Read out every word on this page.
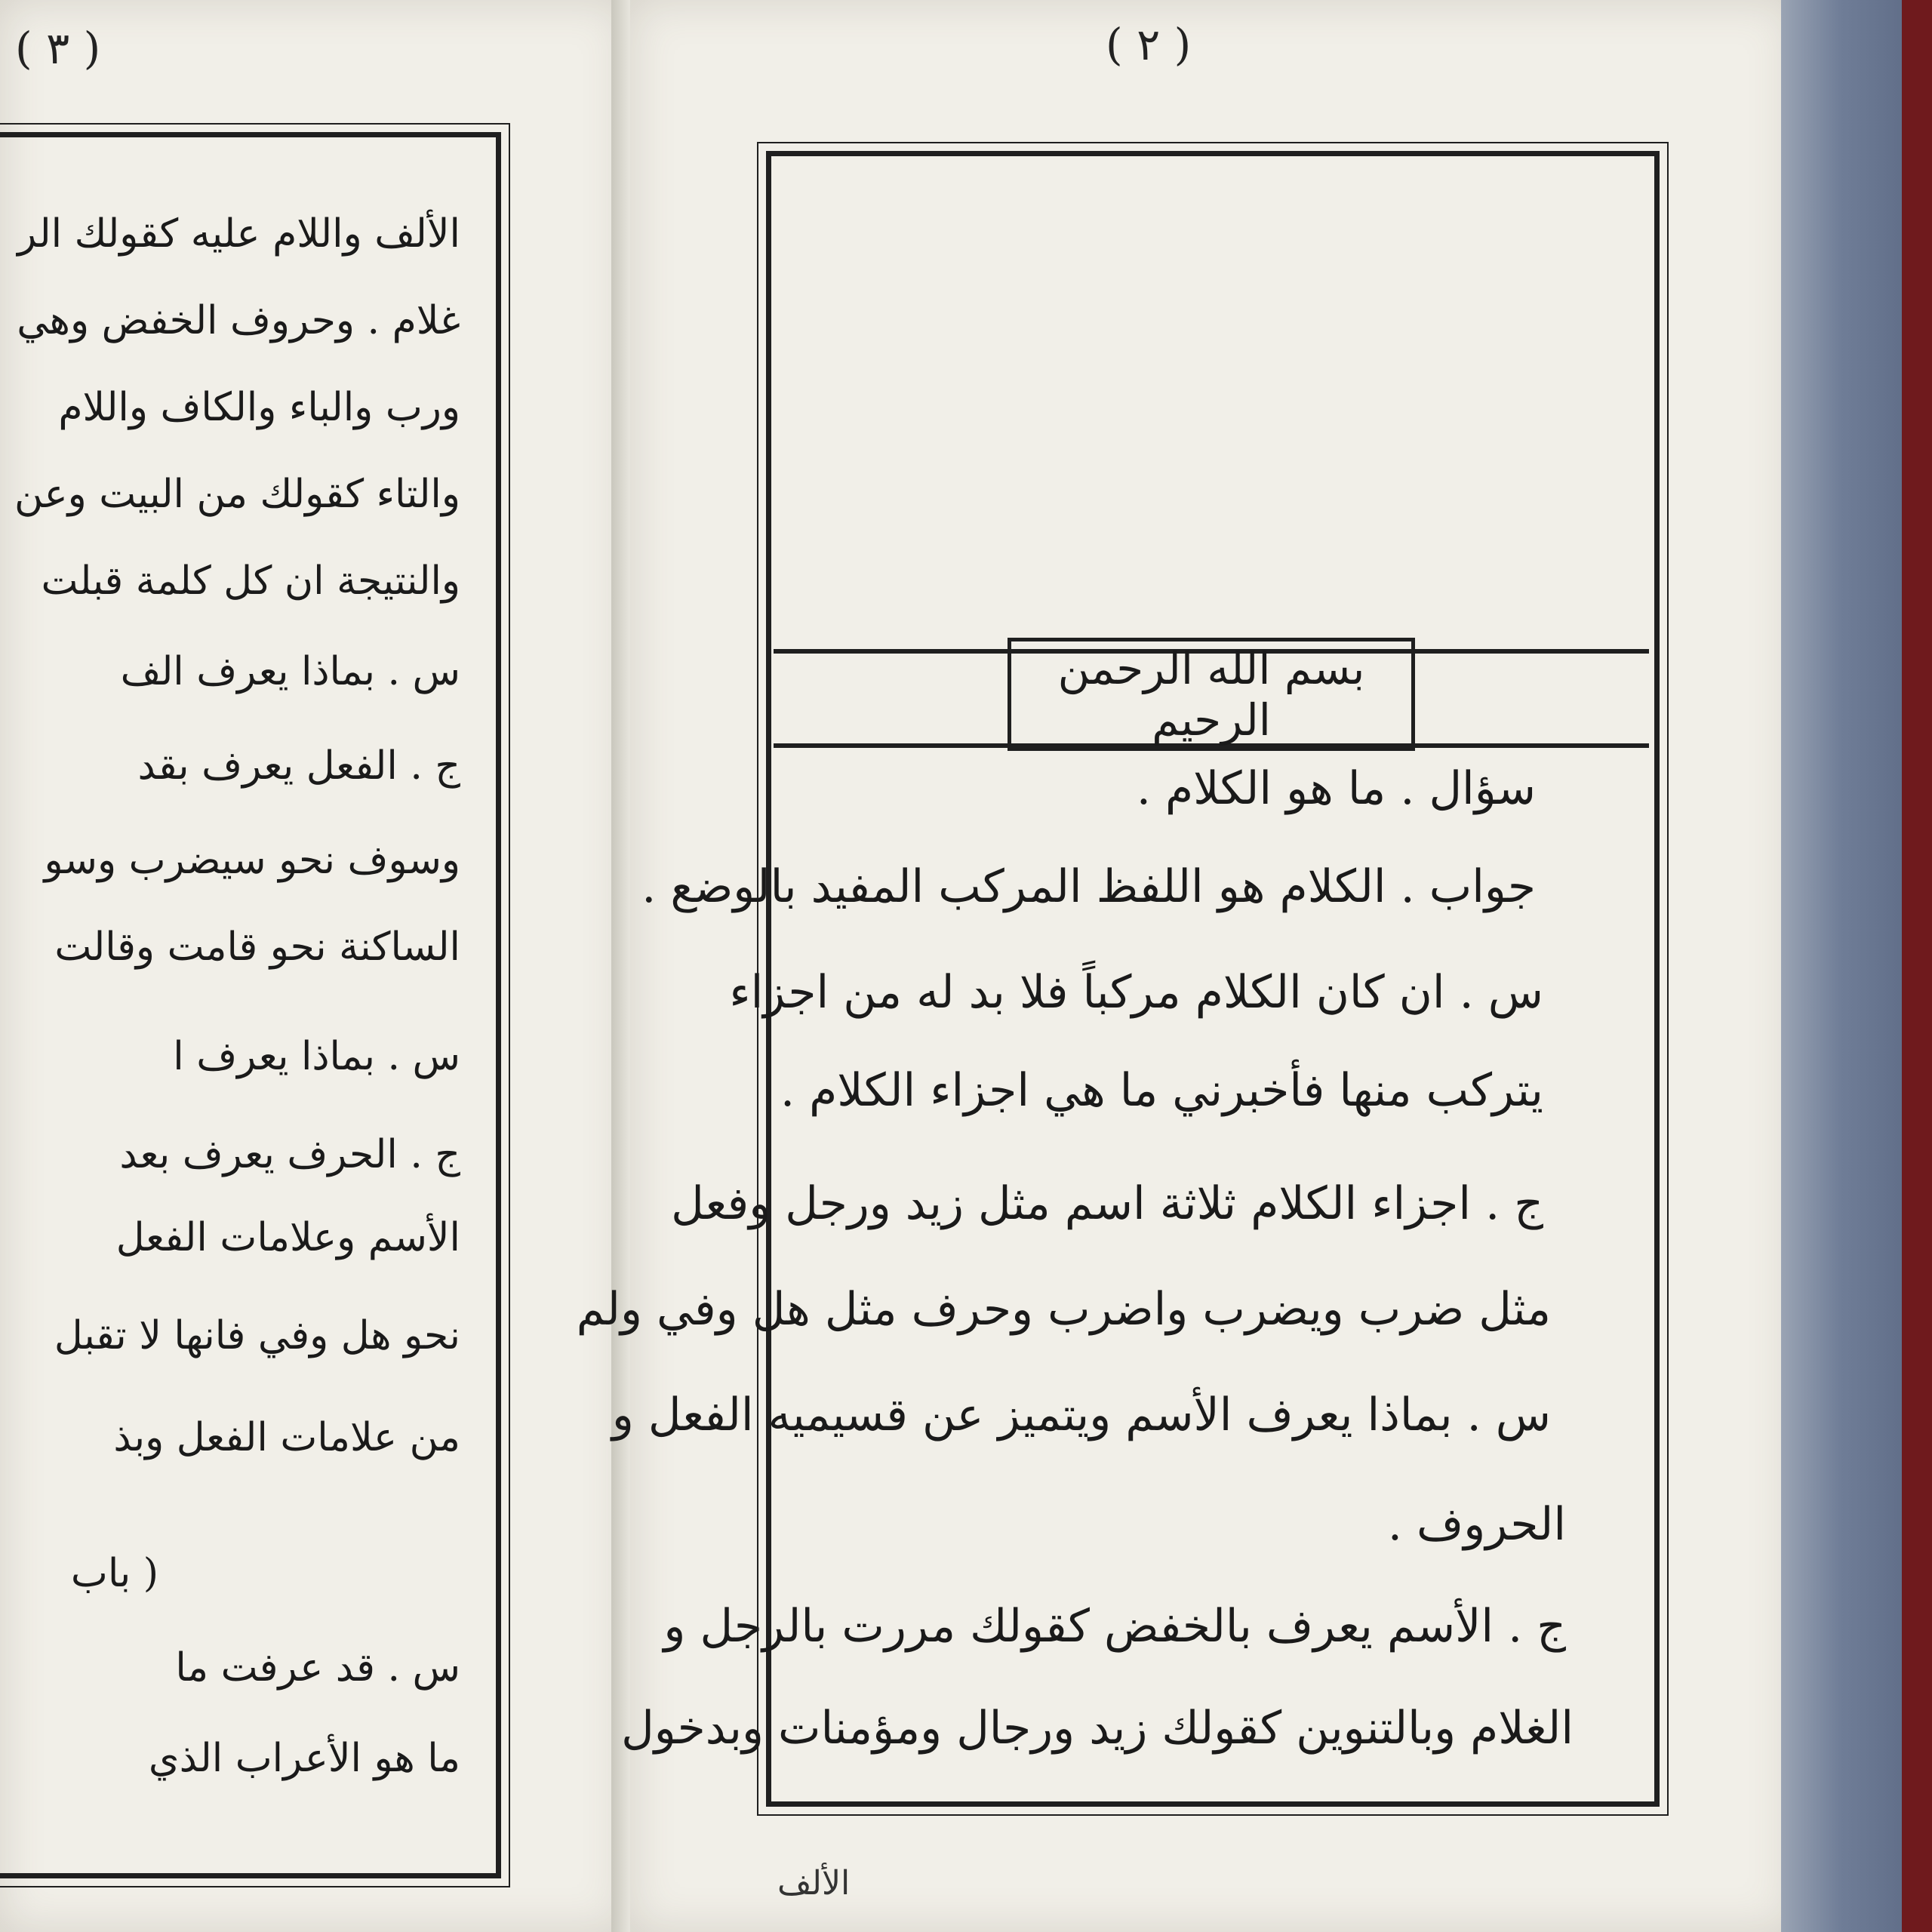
( ٣ )
الألف واللام عليه كقولك الر
غلام . وحروف الخفض وهي
ورب والباء والكاف واللام
والتاء كقولك من البيت وعن
والنتيجة ان كل كلمة قبلت
س . بماذا يعرف الف
ج . الفعل يعرف بقد
وسوف نحو سيضرب وسو
الساكنة نحو قامت وقالت
س . بماذا يعرف ا
ج . الحرف يعرف بعد
الأسم وعلامات الفعل
نحو هل وفي فانها لا تقبل
من علامات الفعل وبذ
( باب
س . قد عرفت ما
ما هو الأعراب الذي
( ٢ )
بسم الله الرحمن الرحيم
سؤال . ما هو الكلام .
جواب . الكلام هو اللفظ المركب المفيد بالوضع .
س . ان كان الكلام مركباً فلا بد له من اجزاء
يتركب منها فأخبرني ما هي اجزاء الكلام .
ج . اجزاء الكلام ثلاثة اسم مثل زيد ورجل وفعل
مثل ضرب ويضرب واضرب وحرف مثل هل وفي ولم
س . بماذا يعرف الأسم ويتميز عن قسيميه الفعل و
الحروف .
ج . الأسم يعرف بالخفض كقولك مررت بالرجل و
الغلام وبالتنوين كقولك زيد ورجال ومؤمنات وبدخول
الألف
